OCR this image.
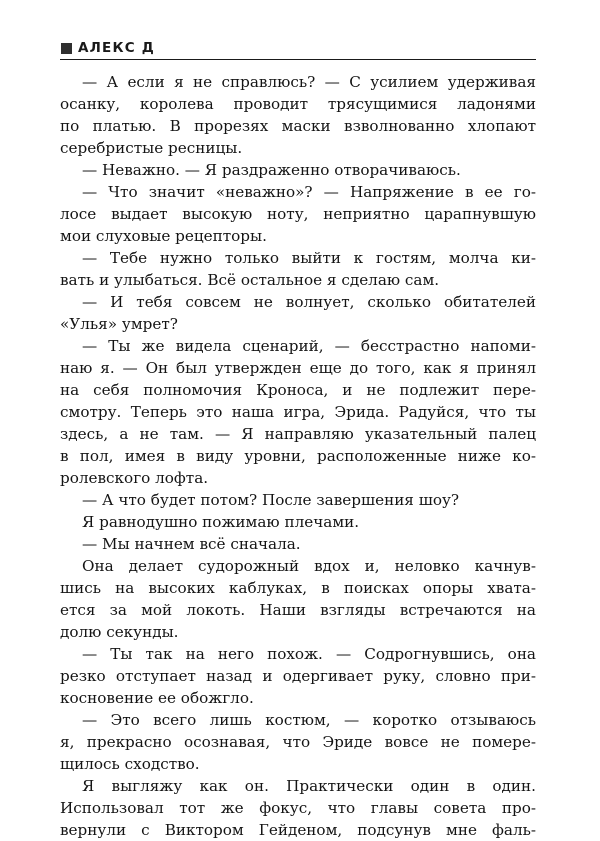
АЛЕКС Д
— А если я не справлюсь? — С усилием удерживая
осанку, королева проводит трясущимися ладонями
по платью. В прорезях маски взволнованно хлопают
серебристые ресницы.
— Неважно. — Я раздраженно отворачиваюсь.
— Что значит «неважно»? — Напряжение в ее го-
лосе выдает высокую ноту, неприятно царапнувшую
мои слуховые рецепторы.
— Тебе нужно только выйти к гостям, молча ки-
вать и улыбаться. Всё остальное я сделаю сам.
— И тебя совсем не волнует, сколько обитателей
«Улья» умрет?
— Ты же видела сценарий, — бесстрастно напоми-
наю я. — Он был утвержден еще до того, как я принял
на себя полномочия Кроноса, и не подлежит пере-
смотру. Теперь это наша игра, Эрида. Радуйся, что ты
здесь, а не там. — Я направляю указательный палец
в пол, имея в виду уровни, расположенные ниже ко-
ролевского лофта.
— А что будет потом? После завершения шоу?
Я равнодушно пожимаю плечами.
— Мы начнем всё сначала.
Она делает судорожный вдох и, неловко качнув-
шись на высоких каблуках, в поисках опоры хвата-
ется за мой локоть. Наши взгляды встречаются на
долю секунды.
— Ты так на него похож. — Содрогнувшись, она
резко отступает назад и одергивает руку, словно при-
косновение ее обожгло.
— Это всего лишь костюм, — коротко отзываюсь
я, прекрасно осознавая, что Эриде вовсе не померe-
щилось сходство.
Я выгляжу как он. Практически один в один.
Использовал тот же фокус, что главы совета про-
вернули с Виктором Гейденом, подсунув мне фаль-
